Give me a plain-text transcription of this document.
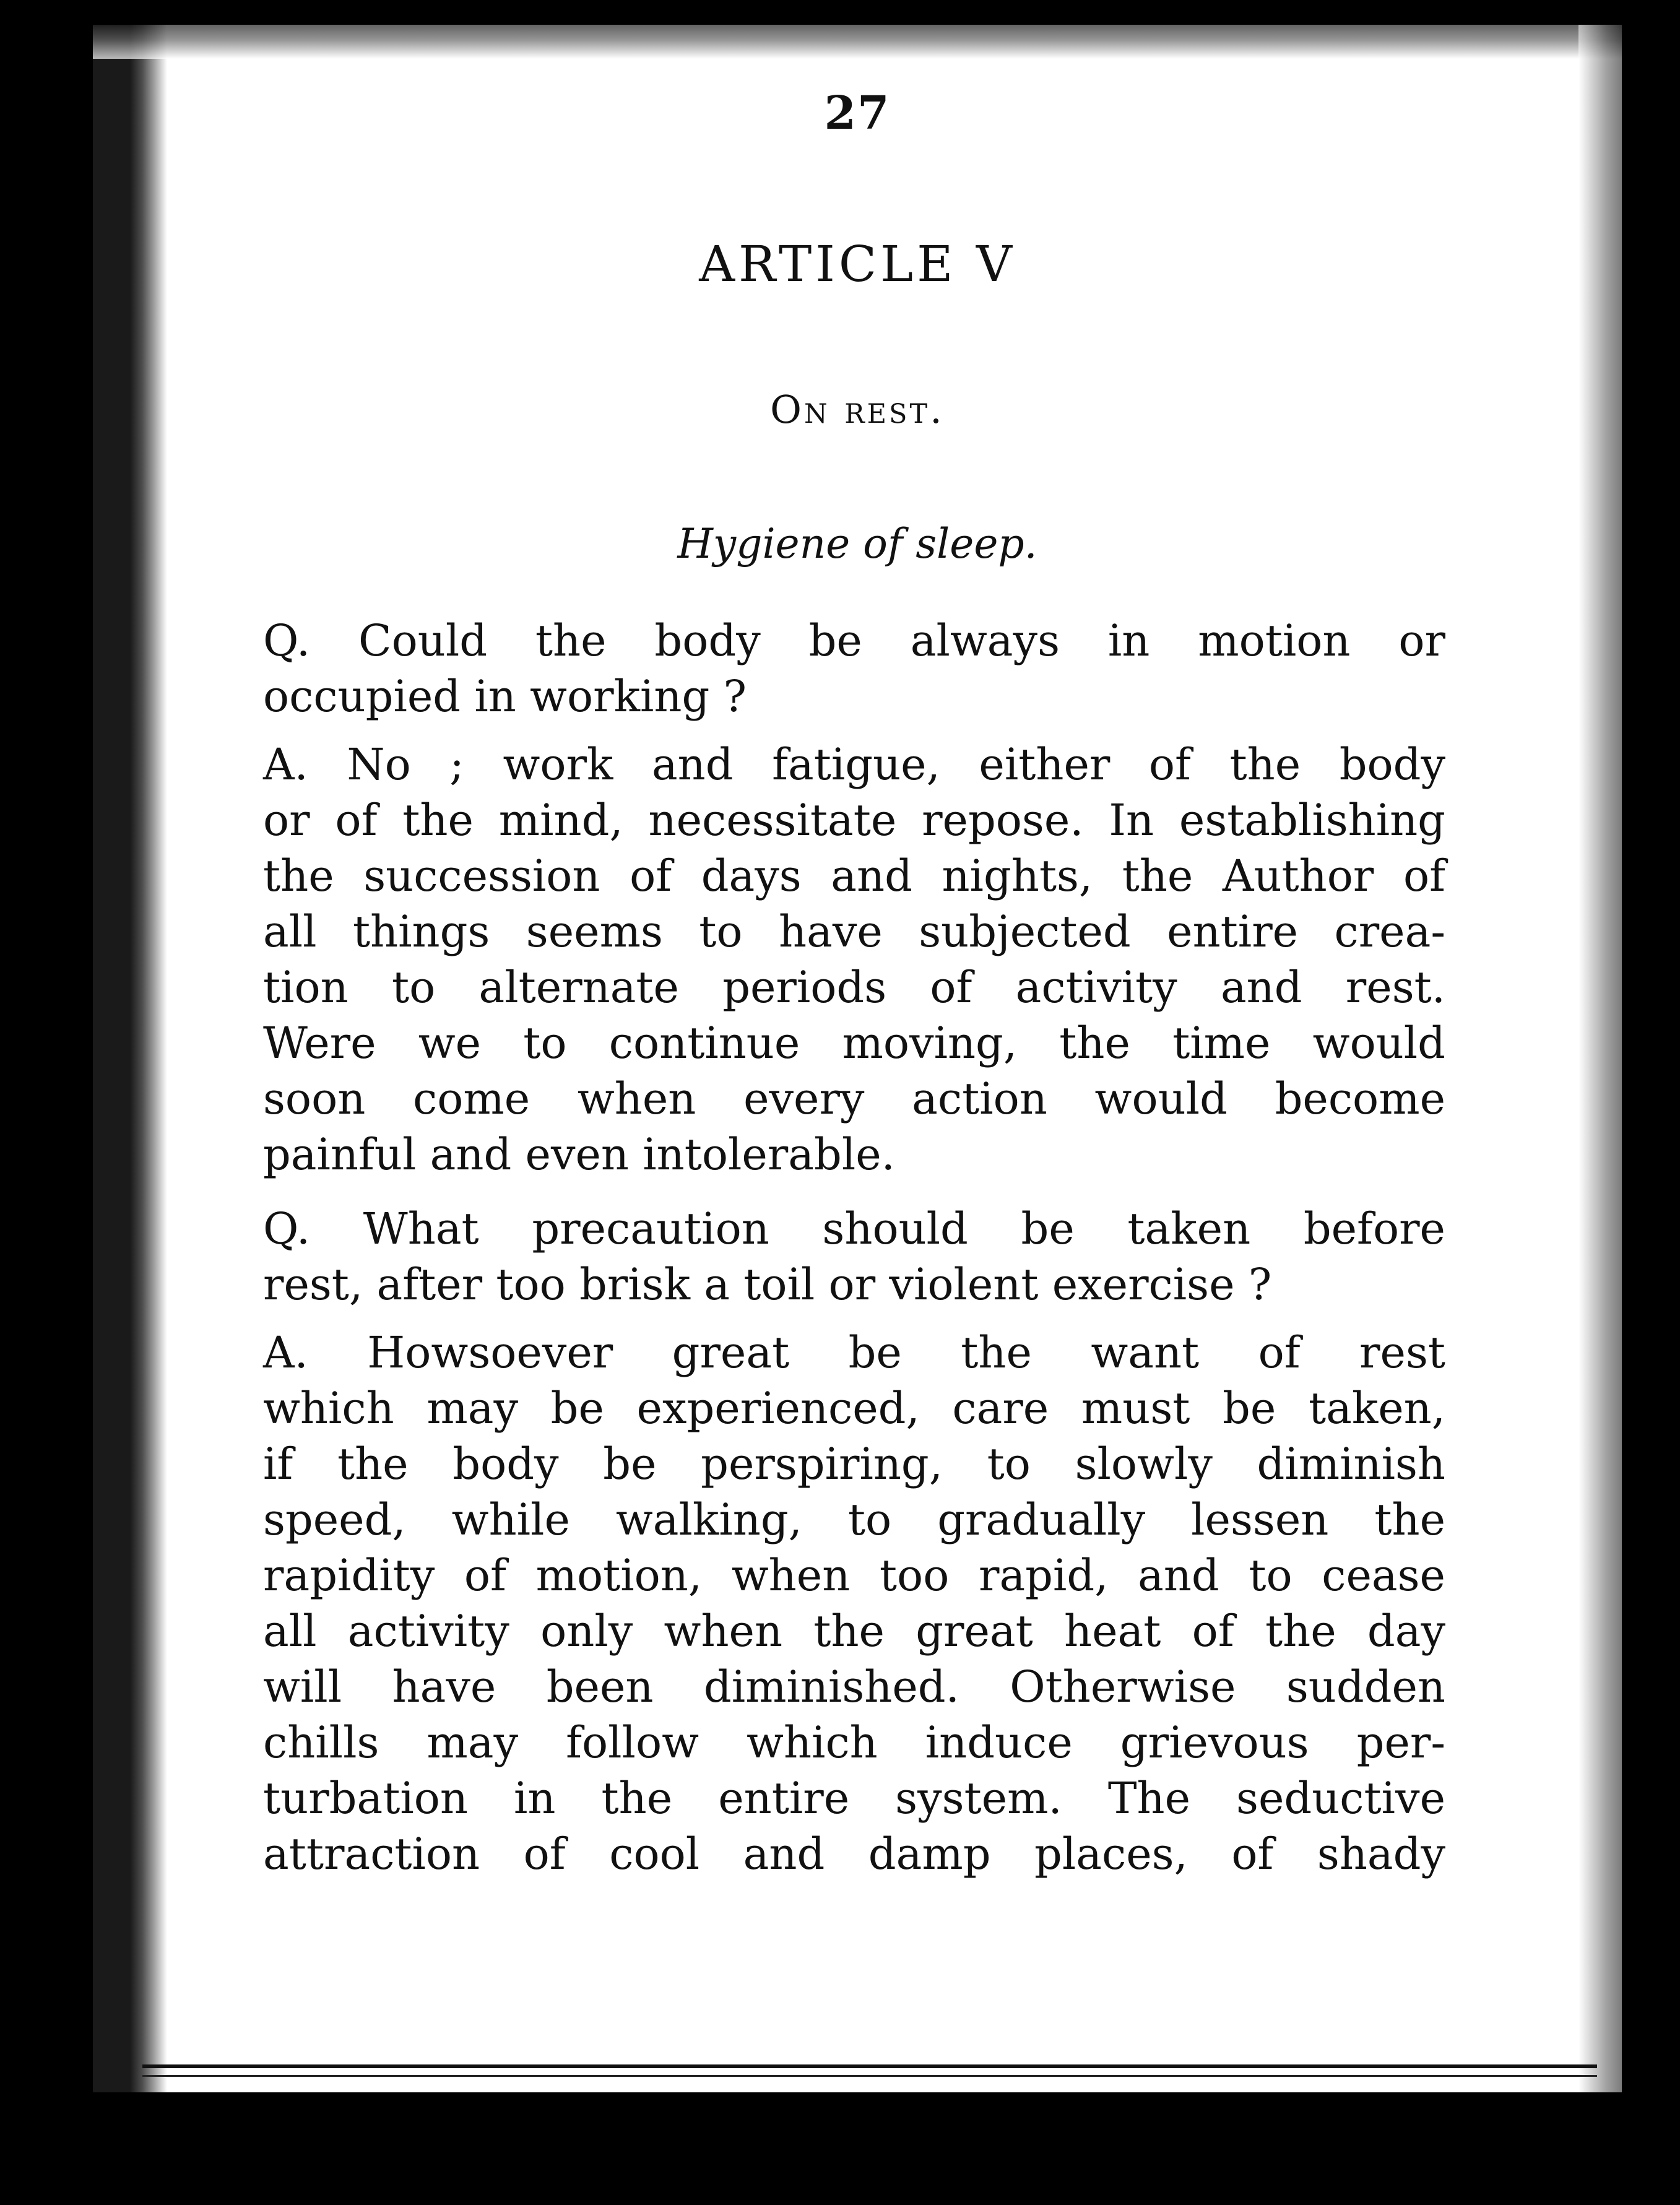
27
ARTICLE V
On rest.
Hygiene of sleep.
Q. Could the body be always in motion or
occupied in working ?
A. No ; work and fatigue, either of the body
or of the mind, necessitate repose. In establishing
the succession of days and nights, the Author of
all things seems to have subjected entire crea-
tion to alternate periods of activity and rest.
Were we to continue moving, the time would
soon come when every action would become
painful and even intolerable.
Q. What precaution should be taken before
rest, after too brisk a toil or violent exercise ?
A. Howsoever great be the want of rest
which may be experienced, care must be taken,
if the body be perspiring, to slowly diminish
speed, while walking, to gradually lessen the
rapidity of motion, when too rapid, and to cease
all activity only when the great heat of the day
will have been diminished. Otherwise sudden
chills may follow which induce grievous per-
turbation in the entire system. The seductive
attraction of cool and damp places, of shady
